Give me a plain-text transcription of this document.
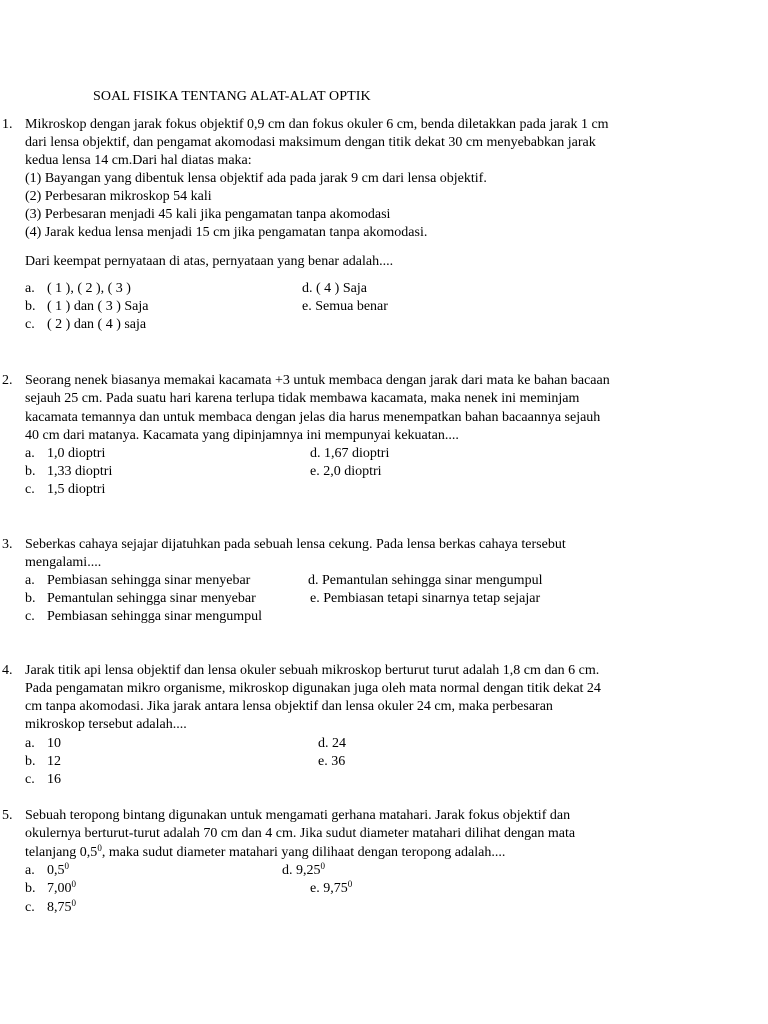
SOAL FISIKA TENTANG ALAT-ALAT OPTIK
1. Mikroskop dengan jarak fokus objektif 0,9 cm dan fokus okuler 6 cm, benda diletakkan pada jarak 1 cm
dari lensa objektif, dan pengamat akomodasi maksimum dengan titik dekat 30 cm menyebabkan jarak
kedua lensa 14 cm.Dari hal diatas maka:
(1) Bayangan yang dibentuk lensa objektif ada pada jarak 9 cm dari lensa objektif.
(2) Perbesaran mikroskop 54 kali
(3) Perbesaran menjadi 45 kali jika pengamatan tanpa akomodasi
(4) Jarak kedua lensa menjadi 15 cm jika pengamatan tanpa akomodasi.
Dari keempat pernyataan di atas, pernyataan yang benar adalah....
a. ( 1 ), ( 2 ), ( 3 )
b. ( 1 ) dan ( 3 ) Saja
c. ( 2 ) dan ( 4 ) saja
d. ( 4 ) Saja
e. Semua benar
2. Seorang nenek biasanya memakai kacamata +3 untuk membaca dengan jarak dari mata ke bahan bacaan
sejauh 25 cm. Pada suatu hari karena terlupa tidak membawa kacamata, maka nenek ini meminjam
kacamata temannya dan untuk membaca dengan jelas dia harus menempatkan bahan bacaannya sejauh
40 cm dari matanya. Kacamata yang dipinjamnya ini mempunyai kekuatan....
a. 1,0 dioptri
b. 1,33 dioptri
c. 1,5 dioptri
d. 1,67 dioptri
e. 2,0 dioptri
3. Seberkas cahaya sejajar dijatuhkan pada sebuah lensa cekung. Pada lensa berkas cahaya tersebut
mengalami....
a. Pembiasan sehingga sinar menyebar
b. Pemantulan sehingga sinar menyebar
c. Pembiasan sehingga sinar mengumpul
d. Pemantulan sehingga sinar mengumpul
e. Pembiasan tetapi sinarnya tetap sejajar
4. Jarak titik api lensa objektif dan lensa okuler sebuah mikroskop berturut turut adalah 1,8 cm dan 6 cm.
Pada pengamatan mikro organisme, mikroskop digunakan juga oleh mata normal dengan titik dekat 24
cm tanpa akomodasi. Jika jarak antara lensa objektif dan lensa okuler 24 cm, maka perbesaran
mikroskop tersebut adalah....
a. 10
b. 12
c. 16
d. 24
e. 36
5. Sebuah teropong bintang digunakan untuk mengamati gerhana matahari. Jarak fokus objektif dan
okulernya berturut-turut adalah 70 cm dan 4 cm. Jika sudut diameter matahari dilihat dengan mata
telanjang $0,5^0$, maka sudut diameter matahari yang dilihaat dengan teropong adalah....
a. $0,5^0$
b. 7,00$^0$
c. 8,75$^0$
d. 9,25$^0$
e. 9,75$^0$
